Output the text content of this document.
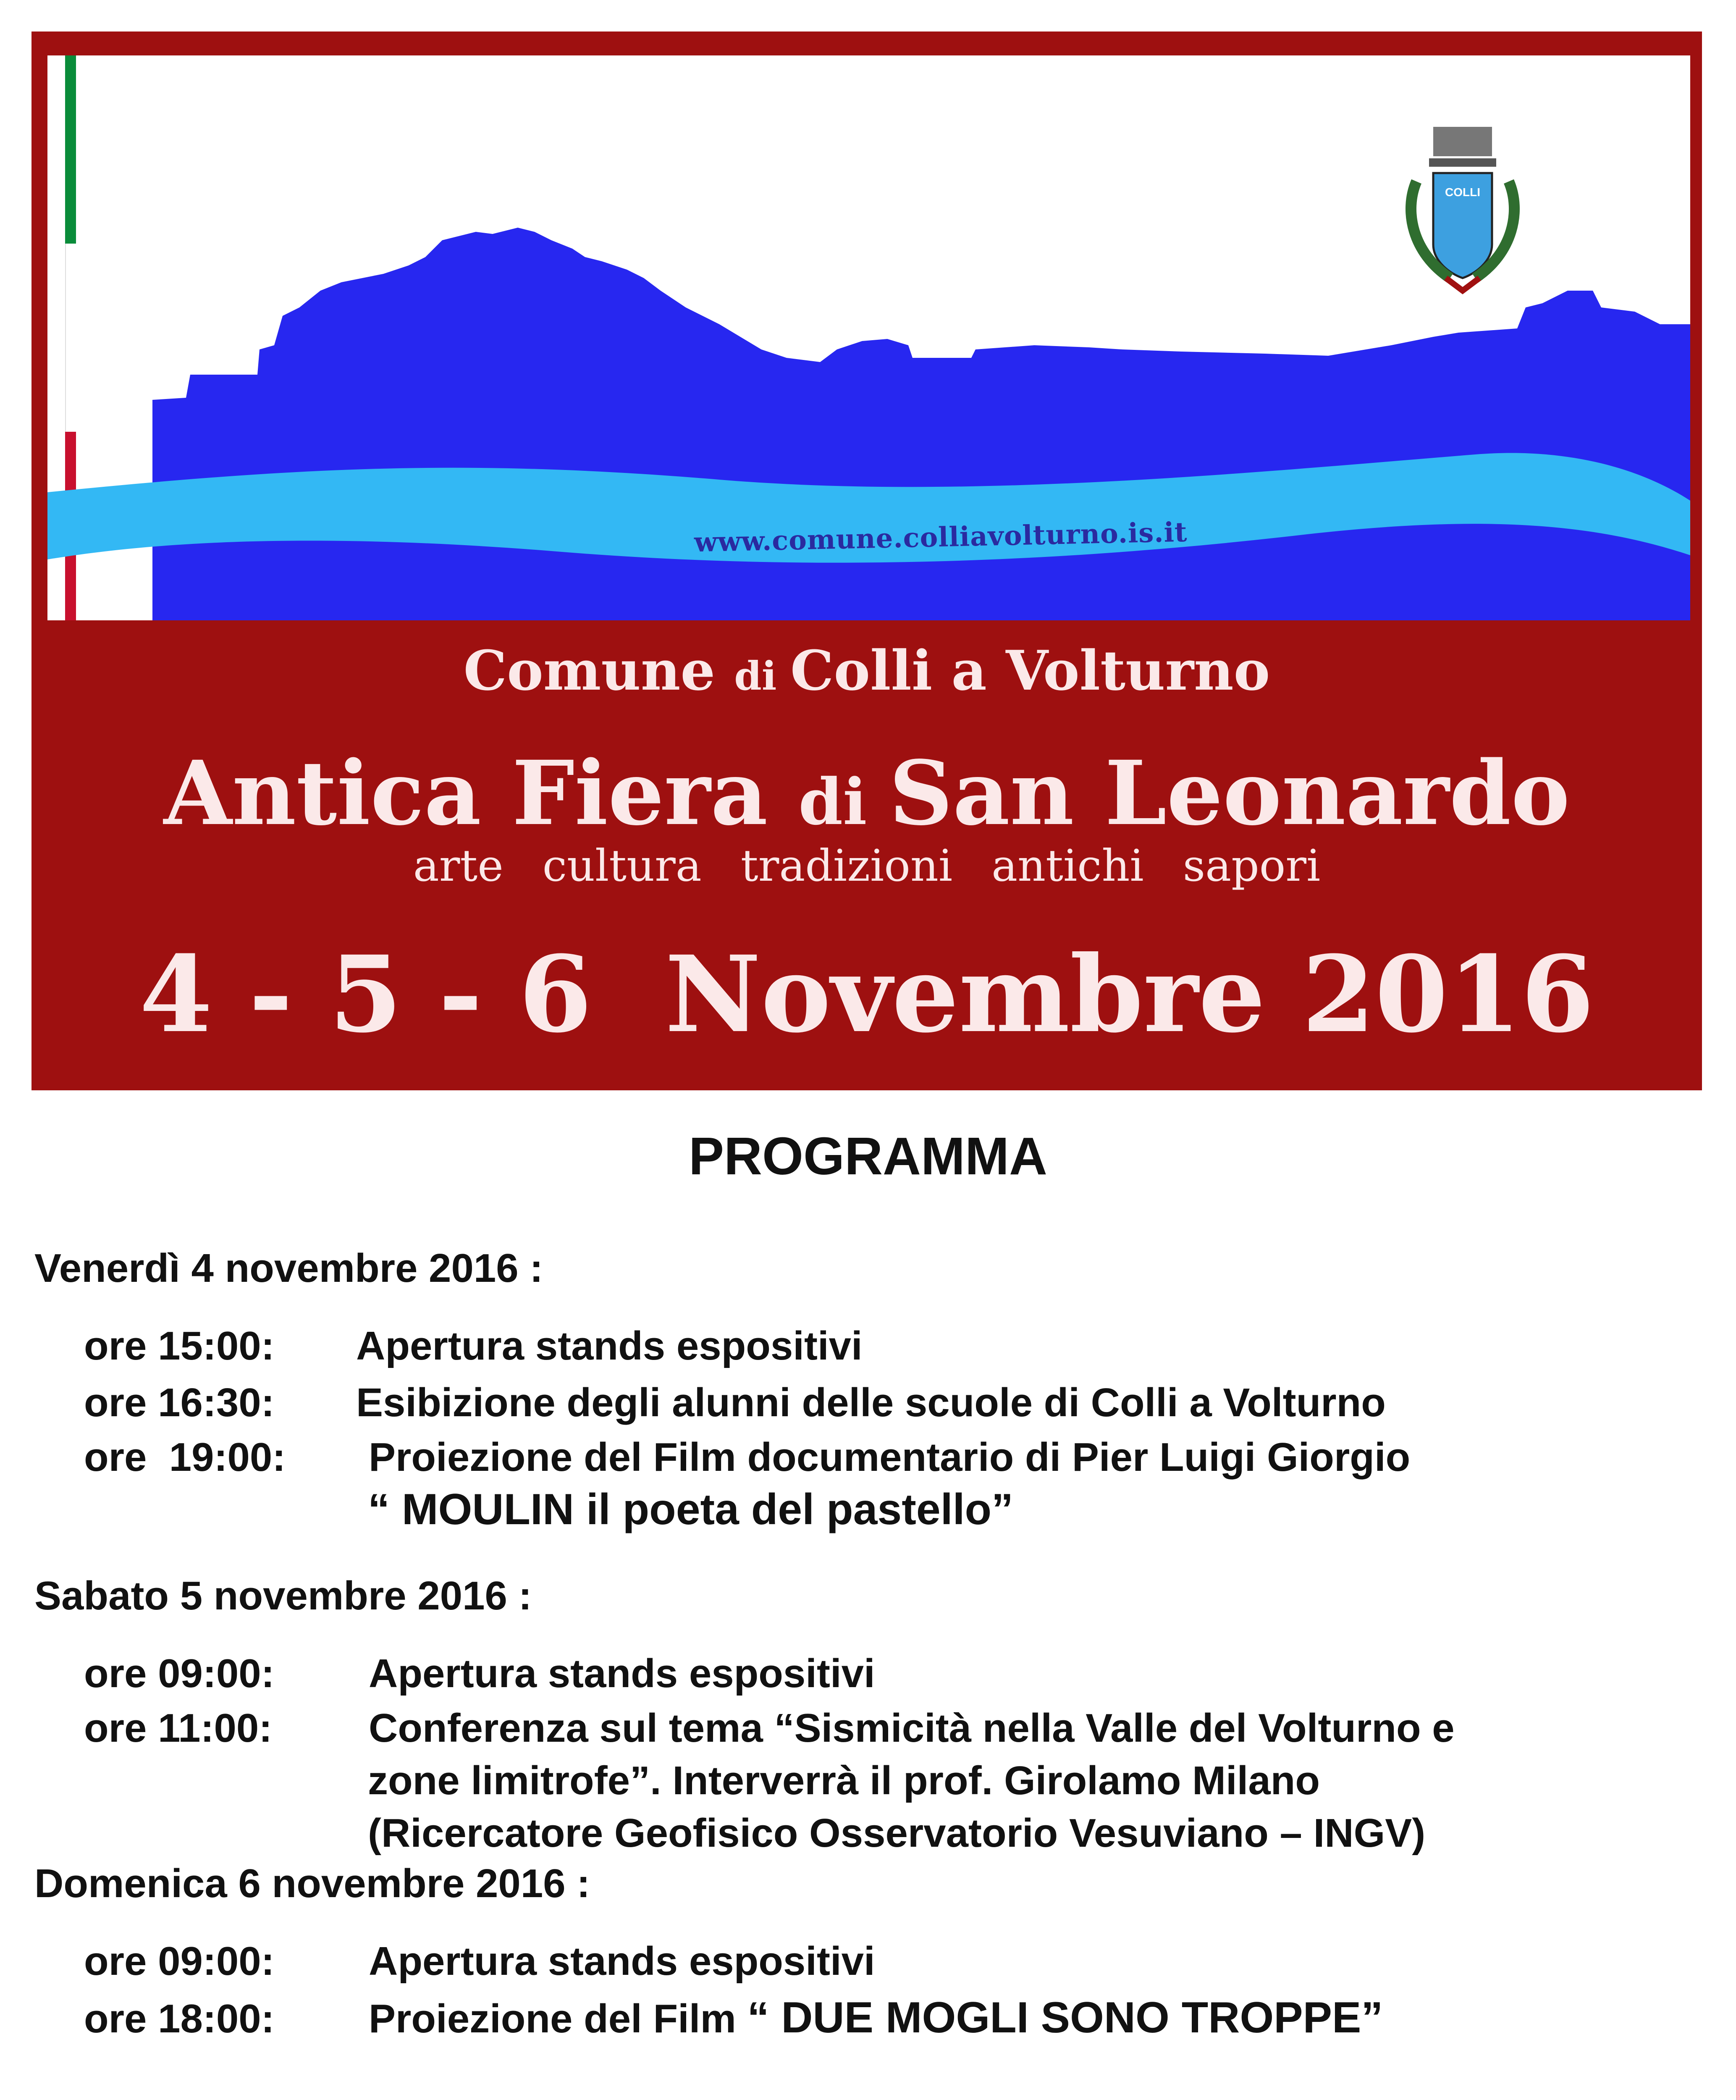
www.comune.colliavolturno.is.it
COLLI
Comune di Colli a Volturno
Antica Fiera di San Leonardo
arte cultura tradizioni antichi sapori
4 - 5 - 6  Novembre 2016
PROGRAMMA
Venerdì 4 novembre 2016 :
ore 15:00: Apertura stands espositivi
ore 16:30: Esibizione degli alunni delle scuole di Colli a Volturno
ore  19:00: Proiezione del Film documentario di Pier Luigi Giorgio
“ MOULIN il poeta del pastello”
Sabato 5 novembre 2016 :
ore 09:00: Apertura stands espositivi
ore 11:00: Conferenza sul tema “Sismicità nella Valle del Volturno e
zone limitrofe”. Interverrà il prof. Girolamo Milano
(Ricercatore Geofisico Osservatorio Vesuviano – INGV)
Domenica 6 novembre 2016 :
ore 09:00: Apertura stands espositivi
ore 18:00: Proiezione del Film “ DUE MOGLI SONO TROPPE”
